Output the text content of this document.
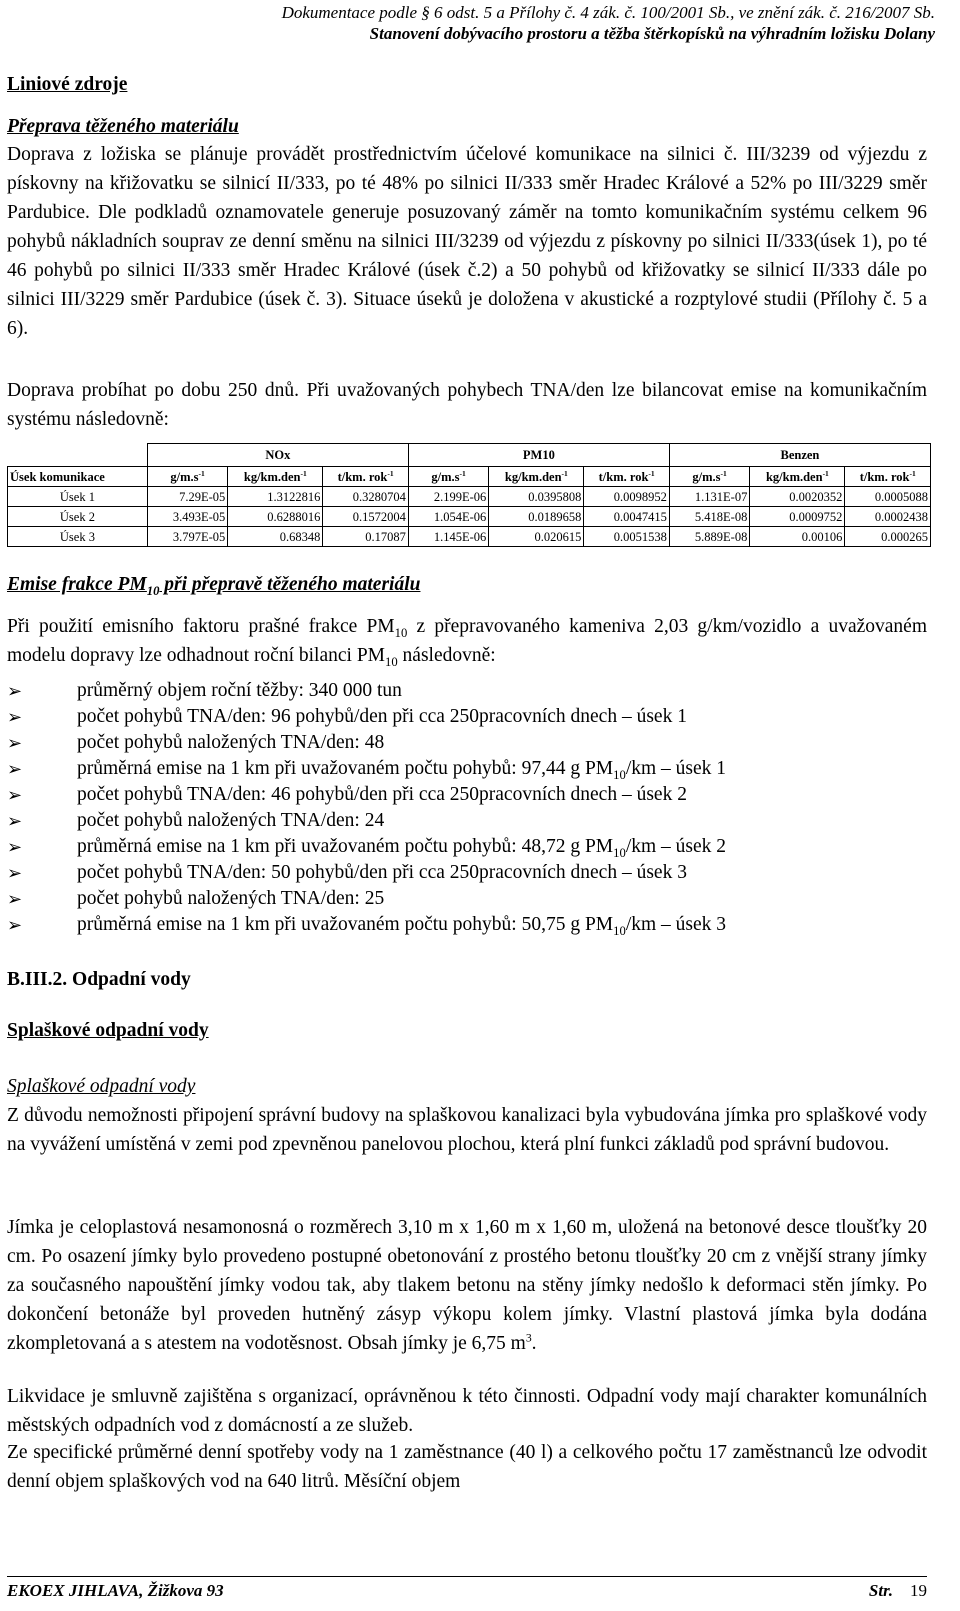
Dokumentace podle § 6 odst. 5 a Přílohy č. 4 zák. č. 100/2001 Sb., ve znění zák. č. 216/2007 Sb.
Stanovení dobývacího prostoru a těžba štěrkopísků na výhradním ložisku Dolany
Liniové zdroje
Přeprava těženého materiálu
Doprava z ložiska se plánuje provádět prostřednictvím účelové komunikace na silnici č. III/3239 od výjezdu z pískovny na křižovatku se silnicí II/333, po té 48% po silnici II/333 směr Hradec Králové a 52% po III/3229 směr Pardubice. Dle podkladů oznamovatele generuje posuzovaný záměr na tomto komunikačním systému celkem 96 pohybů nákladních souprav ze denní směnu na silnici III/3239 od výjezdu z pískovny po silnici II/333(úsek 1), po té 46 pohybů po silnici II/333 směr Hradec Králové (úsek č.2) a 50 pohybů od křižovatky se silnicí II/333 dále po silnici III/3229 směr Pardubice (úsek č. 3). Situace úseků je doložena v akustické a rozptylové studii (Přílohy č. 5 a 6).
Doprava probíhat po dobu 250 dnů. Při uvažovaných pohybech TNA/den lze bilancovat emise na komunikačním systému následovně:
	NOx			PM10			Benzen		
Úsek komunikace	$g/m.s^{-1}$	kg/km.den$^{-1}$	t/km. rok$^{-1}$	$g/m.s^{-1}$	kg/km.den$^{-1}$	t/km. rok$^{-1}$	$g/m.s^{-1}$	kg/km.den$^{-1}$	t/km. rok$^{-1}$
Úsek 1	7.29E-05	1.3122816	0.3280704	2.199E-06	0.0395808	0.0098952	1.131E-07	0.0020352	0.0005088
Úsek 2	3.493E-05	0.6288016	0.1572004	1.054E-06	0.0189658	0.0047415	5.418E-08	0.0009752	0.0002438
Úsek 3	3.797E-05	0.68348	0.17087	1.145E-06	0.020615	0.0051538	5.889E-08	0.00106	0.000265
Emise frakce $PM_{10}$ při přepravě těženého materiálu
Při použití emisního faktoru prašné frakce $PM_{10}$ z přepravovaného kameniva 2,03 g/km/vozidlo a uvažovaném modelu dopravy lze odhadnout roční bilanci $PM_{10}$ následovně:
➢	průměrný objem roční těžby: 340 000 tun
➢	počet pohybů TNA/den: 96 pohybů/den při cca 250pracovních dnech – úsek 1
➢	počet pohybů naložených TNA/den: 48
➢	průměrná emise na 1 km při uvažovaném počtu pohybů: 97,44 g $PM_{10}/km$ – úsek 1
➢	počet pohybů TNA/den: 46 pohybů/den při cca 250pracovních dnech – úsek 2
➢	počet pohybů naložených TNA/den: 24
➢	průměrná emise na 1 km při uvažovaném počtu pohybů: 48,72 g $PM_{10}/km$ – úsek 2
➢	počet pohybů TNA/den: 50 pohybů/den při cca 250pracovních dnech – úsek 3
➢	počet pohybů naložených TNA/den: 25
➢	průměrná emise na 1 km při uvažovaném počtu pohybů: 50,75 g $PM_{10}/km$ – úsek 3
B.III.2. Odpadní vody
Splaškové odpadní vody
Splaškové odpadní vody
Z důvodu nemožnosti připojení správní budovy na splaškovou kanalizaci byla vybudována jímka pro splaškové vody na vyvážení umístěná v zemi pod zpevněnou panelovou plochou, která plní funkci základů pod správní budovou.
Jímka je celoplastová nesamonosná o rozměrech 3,10 m x 1,60 m x 1,60 m, uložená na betonové desce tloušťky 20 cm. Po osazení jímky bylo provedeno postupné obetonování z prostého betonu tloušťky 20 cm z vnější strany jímky za současného napouštění jímky vodou tak, aby tlakem betonu na stěny jímky nedošlo k deformaci stěn jímky. Po dokončení betonáže byl proveden hutněný zásyp výkopu kolem jímky. Vlastní plastová jímka byla dodána zkompletovaná a s atestem na vodotěsnost. Obsah jímky je 6,75 $m^3$.
Likvidace je smluvně zajištěna s organizací, oprávněnou k této činnosti. Odpadní vody mají charakter komunálních městských odpadních vod z domácností a ze služeb.
Ze specifické průměrné denní spotřeby vody na 1 zaměstnance (40 l) a celkového počtu 17 zaměstnanců lze odvodit denní objem splaškových vod na 640 litrů. Měsíční objem
EKOEX JIHLAVA, Žižkova 93	Str. 19
